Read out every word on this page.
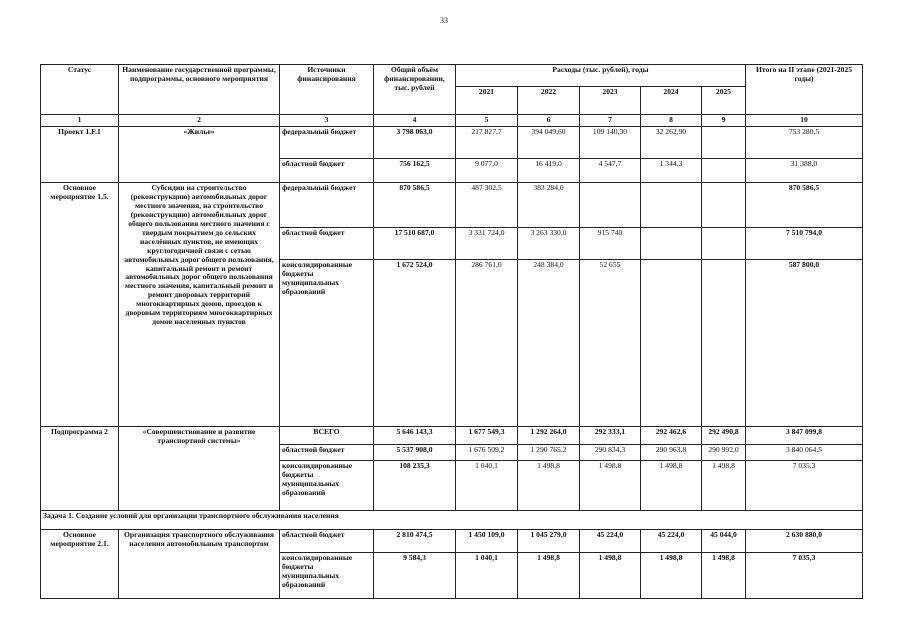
33
Статус	Наименование государственной программы, подпрограммы, основного мероприятия	Источники финансирования	Общий объём финансировании, тыс. рублей	Расходы (тыс. рублей), годы					Итого на II этапе (2021-2025 годы)
				2021	2022	2023	2024	2025	
1	2	3	4	5	6	7	8	9	10
Проект 1.F.1	«Жилье»	федеральный бюджет	3 798 063,0	217 827,7	394 049,60	109 140,30	32 262,90		753 280,5
		областной бюджет	756 162,5	9 077,0	16 419,0	4 547,7	1 344,3		31 388,0
Основное мероприятие 1.5.	Субсидии на строительство (реконструкцию) автомобильных дорог местного значения, на строительство (реконструкцию) автомобильных дорог общего пользования местного значения с твердым покрытием до сельских населённых пунктов, не имеющих круглогодичной связи с сетью автомобильных дорог общего пользования, капитальный ремонт и ремонт автомобильных дорог общего пользования местного значения, капитальный ремонт и ремонт дворовых территорий многоквартирных домов, проездов к дворовым территориям многоквартирных домов населенных пунктов	федеральный бюджет	870 586,5	487 302,5	383 284,0				870 586,5
		областной бюджет	17 510 687,0	3 331 724,0	3 263 330,0	915 740			7 510 794,0
		консолидированные бюджеты муниципальных образований	1 672 524,0	286 761,0	248 384,0	52 655			587 800,0
Подпрограмма 2	«Совершенствование и развитие транспортной системы»	ВСЕГО	5 646 143,3	1 677 549,3	1 292 264,0	292 333,1	292 462,6	292 490,8	3 847 099,8
		областной бюджет	5 537 908,0	1 676 509,2	1 290 765,2	290 834,3	290 963,8	290 992,0	3 840 064,5
		консолидированные бюджеты муниципальных образований	108 235,3	1 040,1	1 498,8	1 498,8	1 498,8	1 498,8	7 035,3
Задача 1. Создание условий для организации транспортного обслуживания населения									
Основное мероприятие 2.1.	Организация транспортного обслуживания населения автомобильным транспортом	областной бюджет	2 810 474,5	1 450 109,0	1 045 279,0	45 224,0	45 224,0	45 044,0	2 630 880,0
		консолидированные бюджеты муниципальных образований	9 584,3	1 040,1	1 498,8	1 498,8	1 498,8	1 498,8	7 035,3
